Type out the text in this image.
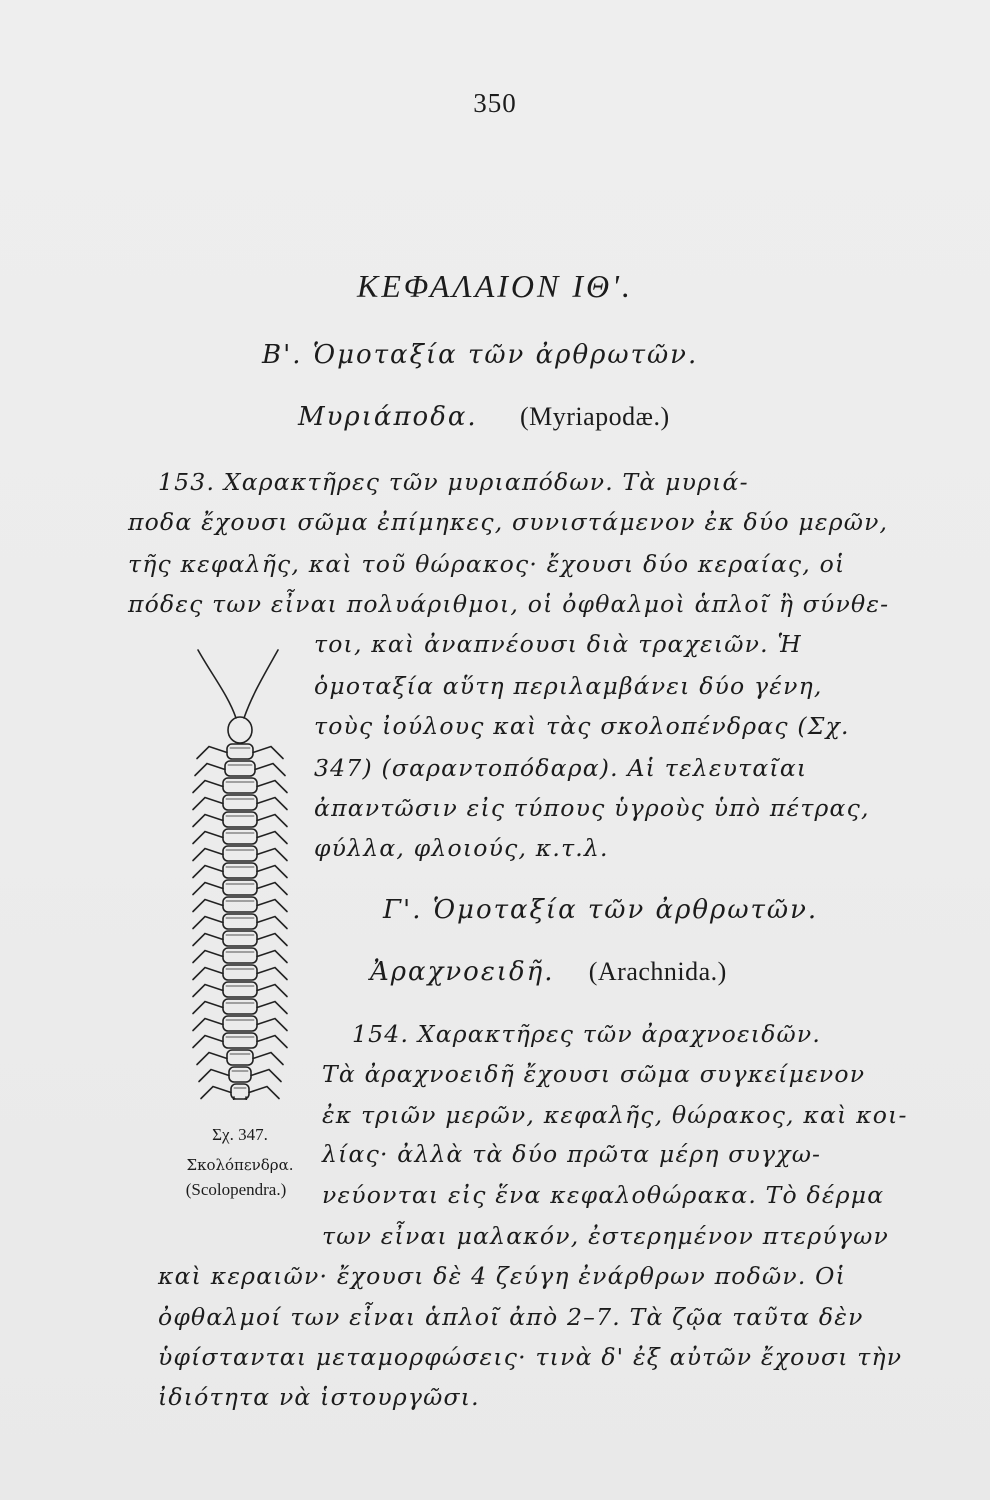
350
ΚΕΦΑΛΑΙΟΝ ΙΘ'.
Β'. Ὁμοταξία τῶν ἀρθρωτῶν.
Μυριάποδα. (Myriapodæ.)
153. Χαρακτῆρες τῶν μυριαπόδων. Τὰ μυριά-
ποδα ἔχουσι σῶμα ἐπίμηκες, συνιστάμενον ἐκ δύο μερῶν,
τῆς κεφαλῆς, καὶ τοῦ θώρακος· ἔχουσι δύο κεραίας, οἱ
πόδες των εἶναι πολυάριθμοι, οἱ ὀφθαλμοὶ ἁπλοῖ ἢ σύνθε-
τοι, καὶ ἀναπνέουσι διὰ τραχειῶν. Ἡ
ὁμοταξία αὕτη περιλαμβάνει δύο γένη,
τοὺς ἰούλους καὶ τὰς σκολοπένδρας (Σχ.
347) (σαραντοπόδαρα). Αἱ τελευταῖαι
ἀπαντῶσιν εἰς τύπους ὑγροὺς ὑπὸ πέτρας,
φύλλα, φλοιούς, κ.τ.λ.
Γ'. Ὁμοταξία τῶν ἀρθρωτῶν.
Ἀραχνοειδῆ. (Arachnida.)
154. Χαρακτῆρες τῶν ἀραχνοειδῶν.
Τὰ ἀραχνοειδῆ ἔχουσι σῶμα συγκείμενον
ἐκ τριῶν μερῶν, κεφαλῆς, θώρακος, καὶ κοι-
λίας· ἀλλὰ τὰ δύο πρῶτα μέρη συγχω-
νεύονται εἰς ἕνα κεφαλοθώρακα. Τὸ δέρμα
των εἶναι μαλακόν, ἐστερημένον πτερύγων
καὶ κεραιῶν· ἔχουσι δὲ 4 ζεύγη ἐνάρθρων ποδῶν. Οἱ
ὀφθαλμοί των εἶναι ἁπλοῖ ἀπὸ 2–7. Τὰ ζῷα ταῦτα δὲν
ὑφίστανται μεταμορφώσεις· τινὰ δ' ἐξ αὐτῶν ἔχουσι τὴν
ἰδιότητα νὰ ἱστουργῶσι.
Σχ. 347.
Σκολόπενδρα.
(Scolopendra.)
